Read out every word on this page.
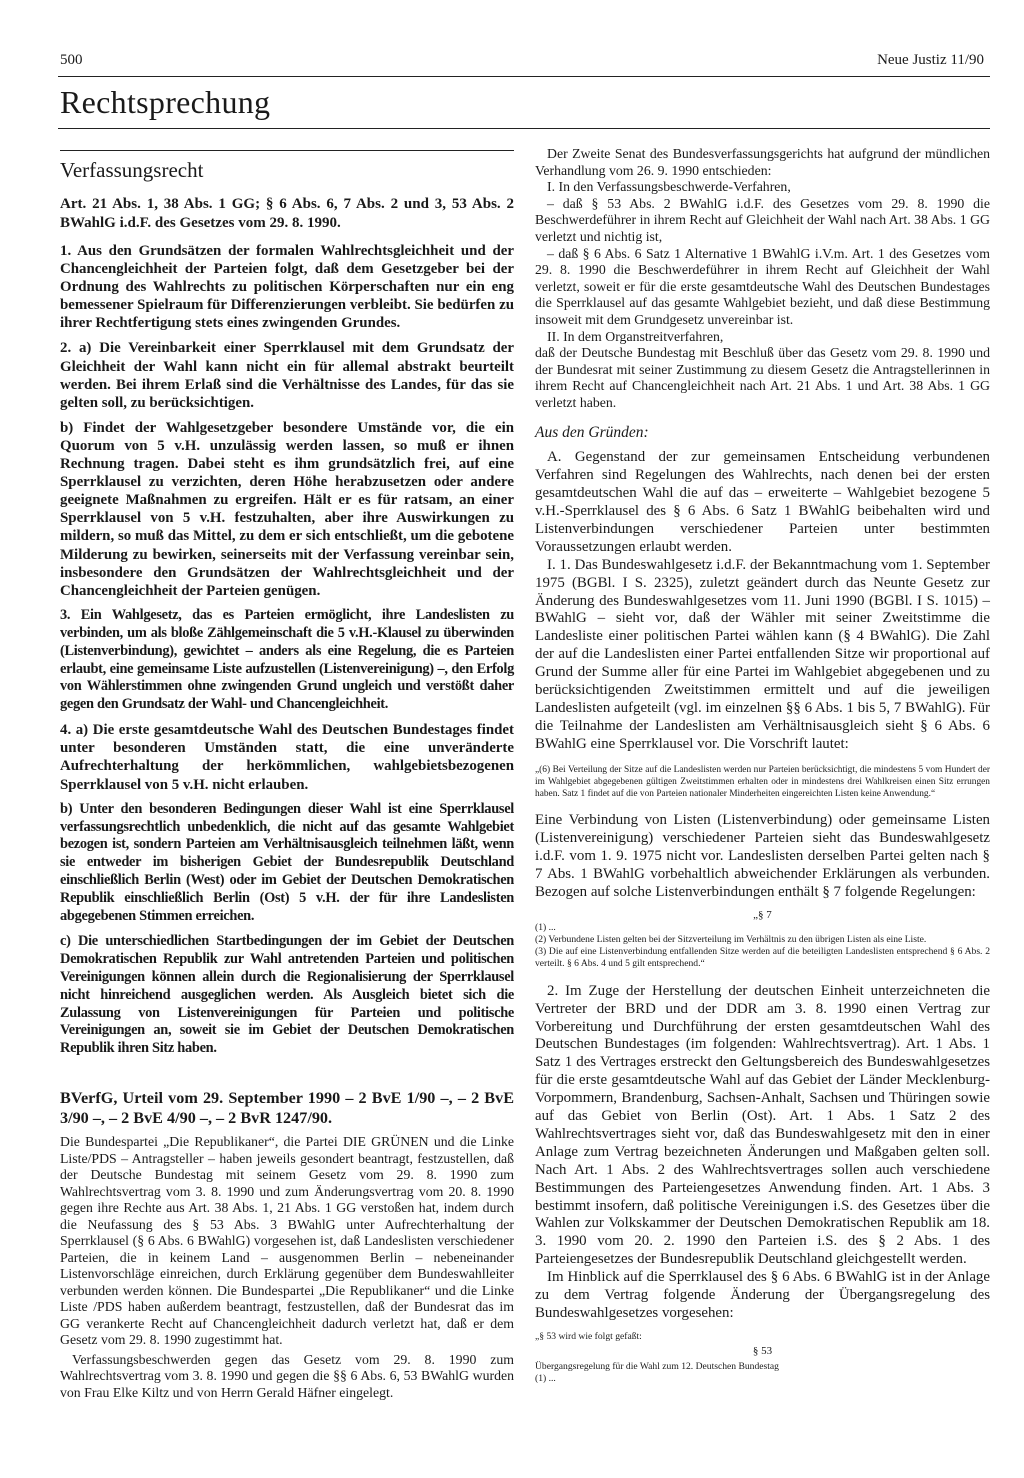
500	Neue Justiz 11/90
Rechtsprechung
Verfassungsrecht
Art. 21 Abs. 1, 38 Abs. 1 GG; § 6 Abs. 6, 7 Abs. 2 und 3, 53 Abs. 2 BWahlG i.d.F. des Gesetzes vom 29. 8. 1990.

1. Aus den Grundsätzen der formalen Wahlrechtsgleichheit und der Chancengleichheit der Parteien folgt, daß dem Gesetzgeber bei der Ordnung des Wahlrechts zu politischen Körperschaften nur ein eng bemessener Spielraum für Differenzierungen verbleibt. Sie bedürfen zu ihrer Rechtfertigung stets eines zwingenden Grundes.

2. a) Die Vereinbarkeit einer Sperrklausel mit dem Grundsatz der Gleichheit der Wahl kann nicht ein für allemal abstrakt beurteilt werden. Bei ihrem Erlaß sind die Verhältnisse des Landes, für das sie gelten soll, zu berücksichtigen.

b) Findet der Wahlgesetzgeber besondere Umstände vor, die ein Quorum von 5 v.H. unzulässig werden lassen, so muß er ihnen Rechnung tragen. Dabei steht es ihm grundsätzlich frei, auf eine Sperrklausel zu verzichten, deren Höhe herabzusetzen oder andere geeignete Maßnahmen zu ergreifen. Hält er es für ratsam, an einer Sperrklausel von 5 v.H. festzuhalten, aber ihre Auswirkungen zu mildern, so muß das Mittel, zu dem er sich entschließt, um die gebotene Milderung zu bewirken, seinerseits mit der Verfassung vereinbar sein, insbesondere den Grundsätzen der Wahlrechtsgleichheit und der Chancengleichheit der Parteien genügen.

3. Ein Wahlgesetz, das es Parteien ermöglicht, ihre Landeslisten zu verbinden, um als bloße Zählgemeinschaft die 5 v.H.-Klausel zu überwinden (Listenverbindung), gewichtet – anders als eine Regelung, die es Parteien erlaubt, eine gemeinsame Liste aufzustellen (Listenvereinigung) –, den Erfolg von Wählerstimmen ohne zwingenden Grund ungleich und verstößt daher gegen den Grundsatz der Wahl- und Chancengleichheit.

4. a) Die erste gesamtdeutsche Wahl des Deutschen Bundestages findet unter besonderen Umständen statt, die eine unveränderte Aufrechterhaltung der herkömmlichen, wahlgebietsbezogenen Sperrklausel von 5 v.H. nicht erlauben.

b) Unter den besonderen Bedingungen dieser Wahl ist eine Sperrklausel verfassungsrechtlich unbedenklich, die nicht auf das gesamte Wahlgebiet bezogen ist, sondern Parteien am Verhältnisausgleich teilnehmen läßt, wenn sie entweder im bisherigen Gebiet der Bundesrepublik Deutschland einschließlich Berlin (West) oder im Gebiet der Deutschen Demokratischen Republik einschließlich Berlin (Ost) 5 v.H. der für ihre Landeslisten abgegebenen Stimmen erreichen.

c) Die unterschiedlichen Startbedingungen der im Gebiet der Deutschen Demokratischen Republik zur Wahl antretenden Parteien und politischen Vereinigungen können allein durch die Regionalisierung der Sperrklausel nicht hinreichend ausgeglichen werden. Als Ausgleich bietet sich die Zulassung von Listenvereinigungen für Parteien und politische Vereinigungen an, soweit sie im Gebiet der Deutschen Demokratischen Republik ihren Sitz haben.

BVerfG, Urteil vom 29. September 1990 – 2 BvE 1/90 –, – 2 BvE 3/90 –, – 2 BvE 4/90 –, – 2 BvR 1247/90.

Die Bundespartei „Die Republikaner“, die Partei DIE GRÜNEN und die Linke Liste/PDS – Antragsteller – haben jeweils gesondert beantragt, festzustellen, daß der Deutsche Bundestag mit seinem Gesetz vom 29. 8. 1990 zum Wahlrechtsvertrag vom 3. 8. 1990 und zum Änderungsvertrag vom 20. 8. 1990 gegen ihre Rechte aus Art. 38 Abs. 1, 21 Abs. 1 GG verstoßen hat, indem durch die Neufassung des § 53 Abs. 3 BWahlG unter Aufrechterhaltung der Sperrklausel (§ 6 Abs. 6 BWahlG) vorgesehen ist, daß Landeslisten verschiedener Parteien, die in keinem Land – ausgenommen Berlin – nebeneinander Listenvorschläge einreichen, durch Erklärung gegenüber dem Bundeswahlleiter verbunden werden können. Die Bundespartei „Die Republikaner“ und die Linke Liste /PDS haben außerdem beantragt, festzustellen, daß der Bundesrat das im GG verankerte Recht auf Chancengleichheit dadurch verletzt hat, daß er dem Gesetz vom 29. 8. 1990 zugestimmt hat.

Verfassungsbeschwerden gegen das Gesetz vom 29. 8. 1990 zum Wahlrechtsvertrag vom 3. 8. 1990 und gegen die §§ 6 Abs. 6, 53 BWahlG wurden von Frau Elke Kiltz und von Herrn Gerald Häfner eingelegt.

Der Zweite Senat des Bundesverfassungsgerichts hat aufgrund der mündlichen Verhandlung vom 26. 9. 1990 entschieden:

I. In den Verfassungsbeschwerde-Verfahren,

– daß § 53 Abs. 2 BWahlG i.d.F. des Gesetzes vom 29. 8. 1990 die Beschwerdeführer in ihrem Recht auf Gleichheit der Wahl nach Art. 38 Abs. 1 GG verletzt und nichtig ist,

– daß § 6 Abs. 6 Satz 1 Alternative 1 BWahlG i.V.m. Art. 1 des Gesetzes vom 29. 8. 1990 die Beschwerdeführer in ihrem Recht auf Gleichheit der Wahl verletzt, soweit er für die erste gesamtdeutsche Wahl des Deutschen Bundestages die Sperrklausel auf das gesamte Wahlgebiet bezieht, und daß diese Bestimmung insoweit mit dem Grundgesetz unvereinbar ist.

II. In dem Organstreitverfahren,

daß der Deutsche Bundestag mit Beschluß über das Gesetz vom 29. 8. 1990 und der Bundesrat mit seiner Zustimmung zu diesem Gesetz die Antragstellerinnen in ihrem Recht auf Chancengleichheit nach Art. 21 Abs. 1 und Art. 38 Abs. 1 GG verletzt haben.

Aus den Gründen:

A. Gegenstand der zur gemeinsamen Entscheidung verbundenen Verfahren sind Regelungen des Wahlrechts, nach denen bei der ersten gesamtdeutschen Wahl die auf das – erweiterte – Wahlgebiet bezogene 5 v.H.-Sperrklausel des § 6 Abs. 6 Satz 1 BWahlG beibehalten wird und Listenverbindungen verschiedener Parteien unter bestimmten Voraussetzungen erlaubt werden.

I. 1. Das Bundeswahlgesetz i.d.F. der Bekanntmachung vom 1. September 1975 (BGBl. I S. 2325), zuletzt geändert durch das Neunte Gesetz zur Änderung des Bundeswahlgesetzes vom 11. Juni 1990 (BGBl. I S. 1015) – BWahlG – sieht vor, daß der Wähler mit seiner Zweitstimme die Landesliste einer politischen Partei wählen kann (§ 4 BWahlG). Die Zahl der auf die Landeslisten einer Partei entfallenden Sitze wir proportional auf Grund der Summe aller für eine Partei im Wahlgebiet abgegebenen und zu berücksichtigenden Zweitstimmen ermittelt und auf die jeweiligen Landeslisten aufgeteilt (vgl. im einzelnen §§ 6 Abs. 1 bis 5, 7 BWahlG). Für die Teilnahme der Landeslisten am Verhältnisausgleich sieht § 6 Abs. 6 BWahlG eine Sperrklausel vor. Die Vorschrift lautet:

„(6) Bei Verteilung der Sitze auf die Landeslisten werden nur Parteien berücksichtigt, die mindestens 5 vom Hundert der im Wahlgebiet abgegebenen gültigen Zweitstimmen erhalten oder in mindestens drei Wahlkreisen einen Sitz errungen haben. Satz 1 findet auf die von Parteien nationaler Minderheiten eingereichten Listen keine Anwendung.“

Eine Verbindung von Listen (Listenverbindung) oder gemeinsame Listen (Listenvereinigung) verschiedener Parteien sieht das Bundeswahlgesetz i.d.F. vom 1. 9. 1975 nicht vor. Landeslisten derselben Partei gelten nach § 7 Abs. 1 BWahlG vorbehaltlich abweichender Erklärungen als verbunden. Bezogen auf solche Listenverbindungen enthält § 7 folgende Regelungen:

„§ 7

(1) ...

(2) Verbundene Listen gelten bei der Sitzverteilung im Verhältnis zu den übrigen Listen als eine Liste.

(3) Die auf eine Listenverbindung entfallenden Sitze werden auf die beteiligten Landeslisten entsprechend § 6 Abs. 2 verteilt. § 6 Abs. 4 und 5 gilt entsprechend.“

2. Im Zuge der Herstellung der deutschen Einheit unterzeichneten die Vertreter der BRD und der DDR am 3. 8. 1990 einen Vertrag zur Vorbereitung und Durchführung der ersten gesamtdeutschen Wahl des Deutschen Bundestages (im folgenden: Wahlrechtsvertrag). Art. 1 Abs. 1 Satz 1 des Vertrages erstreckt den Geltungsbereich des Bundeswahlgesetzes für die erste gesamtdeutsche Wahl auf das Gebiet der Länder Mecklenburg-Vorpommern, Brandenburg, Sachsen-Anhalt, Sachsen und Thüringen sowie auf das Gebiet von Berlin (Ost). Art. 1 Abs. 1 Satz 2 des Wahlrechtsvertrages sieht vor, daß das Bundeswahlgesetz mit den in einer Anlage zum Vertrag bezeichneten Änderungen und Maßgaben gelten soll. Nach Art. 1 Abs. 2 des Wahlrechtsvertrages sollen auch verschiedene Bestimmungen des Parteiengesetzes Anwendung finden. Art. 1 Abs. 3 bestimmt insofern, daß politische Vereinigungen i.S. des Gesetzes über die Wahlen zur Volkskammer der Deutschen Demokratischen Republik am 18. 3. 1990 vom 20. 2. 1990 den Parteien i.S. des § 2 Abs. 1 des Parteiengesetzes der Bundesrepublik Deutschland gleichgestellt werden.

Im Hinblick auf die Sperrklausel des § 6 Abs. 6 BWahlG ist in der Anlage zu dem Vertrag folgende Änderung der Übergangsregelung des Bundeswahlgesetzes vorgesehen:

„§ 53 wird wie folgt gefaßt:

§ 53

Übergangsregelung für die Wahl zum 12. Deutschen Bundestag

(1) ...
